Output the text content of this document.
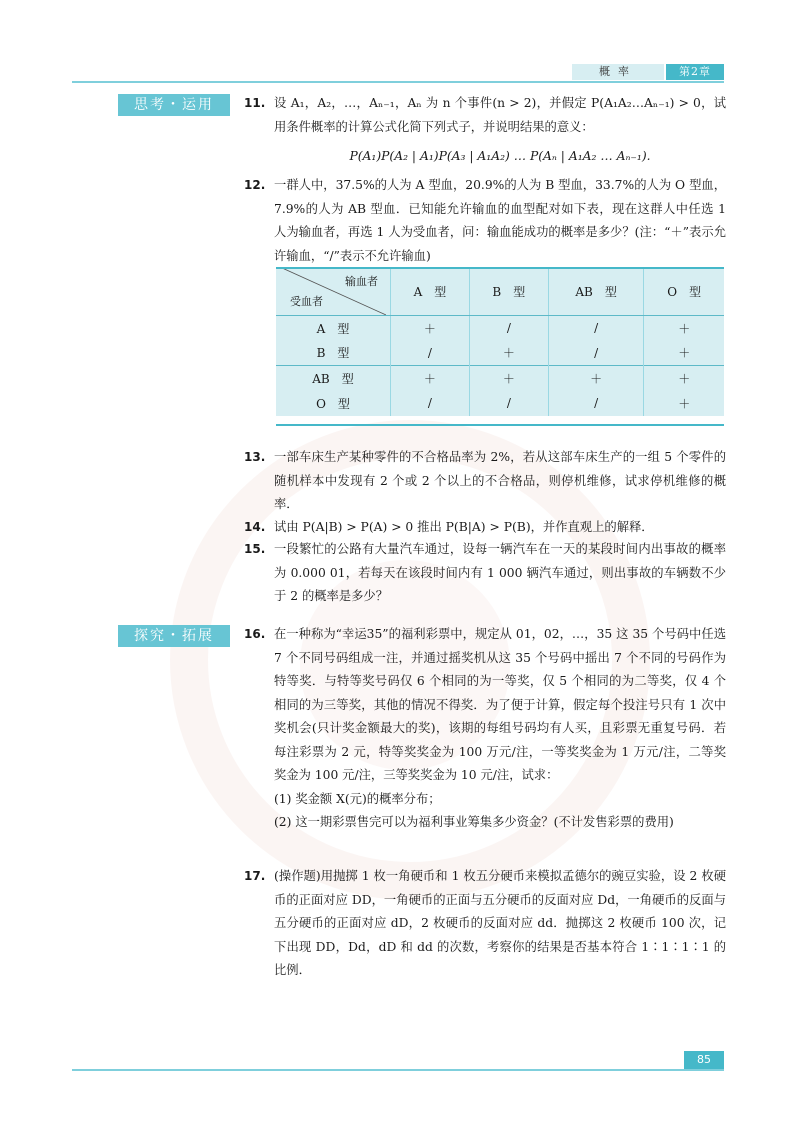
概率	第2章
思考・运用	11. 设 A₁，A₂，…，Aₙ₋₁，Aₙ 为 n 个事件(n > 2)，并假定 P(A₁A₂…Aₙ₋₁) > 0，试用条件概率的计算公式化简下列式子，并说明结果的意义：
P(A₁)P(A₂ | A₁)P(A₃ | A₁A₂) … P(Aₙ | A₁A₂ … Aₙ₋₁).
12. 一群人中，37.5%的人为 A 型血，20.9%的人为 B 型血，33.7%的人为 O 型血，7.9%的人为 AB 型血．已知能允许输血的血型配对如下表，现在这群人中任选 1 人为输血者，再选 1 人为受血者，问：输血能成功的概率是多少？(注：“＋”表示允许输血，“/”表示不允许输血)
输血者
受血者	A　型	B　型	AB　型	O　型
A　型	＋	/	/	＋
B　型	/	＋	/	＋
AB　型	＋	＋	＋	＋
O　型	/	/	/	＋
13. 一部车床生产某种零件的不合格品率为 2%，若从这部车床生产的一组 5 个零件的随机样本中发现有 2 个或 2 个以上的不合格品，则停机维修，试求停机维修的概率．
14. 试由 P(A|B) > P(A) > 0 推出 P(B|A) > P(B)，并作直观上的解释．
15. 一段繁忙的公路有大量汽车通过，设每一辆汽车在一天的某段时间内出事故的概率为 0.000 01，若每天在该段时间内有 1 000 辆汽车通过，则出事故的车辆数不少于 2 的概率是多少？
探究・拓展	16. 在一种称为“幸运35”的福利彩票中，规定从 01，02，…，35 这 35 个号码中任选 7 个不同号码组成一注，并通过摇奖机从这 35 个号码中摇出 7 个不同的号码作为特等奖．与特等奖号码仅 6 个相同的为一等奖，仅 5 个相同的为二等奖，仅 4 个相同的为三等奖，其他的情况不得奖．为了便于计算，假定每个投注号只有 1 次中奖机会(只计奖金额最大的奖)，该期的每组号码均有人买，且彩票无重复号码．若每注彩票为 2 元，特等奖奖金为 100 万元/注，一等奖奖金为 1 万元/注，二等奖奖金为 100 元/注，三等奖奖金为 10 元/注，试求：
(1) 奖金额 X(元)的概率分布；
(2) 这一期彩票售完可以为福利事业筹集多少资金？(不计发售彩票的费用)
17. (操作题)用抛掷 1 枚一角硬币和 1 枚五分硬币来模拟孟德尔的豌豆实验，设 2 枚硬币的正面对应 DD，一角硬币的正面与五分硬币的反面对应 Dd，一角硬币的反面与五分硬币的正面对应 dD，2 枚硬币的反面对应 dd．抛掷这 2 枚硬币 100 次，记下出现 DD，Dd，dD 和 dd 的次数，考察你的结果是否基本符合 1∶1∶1∶1 的比例．
85
